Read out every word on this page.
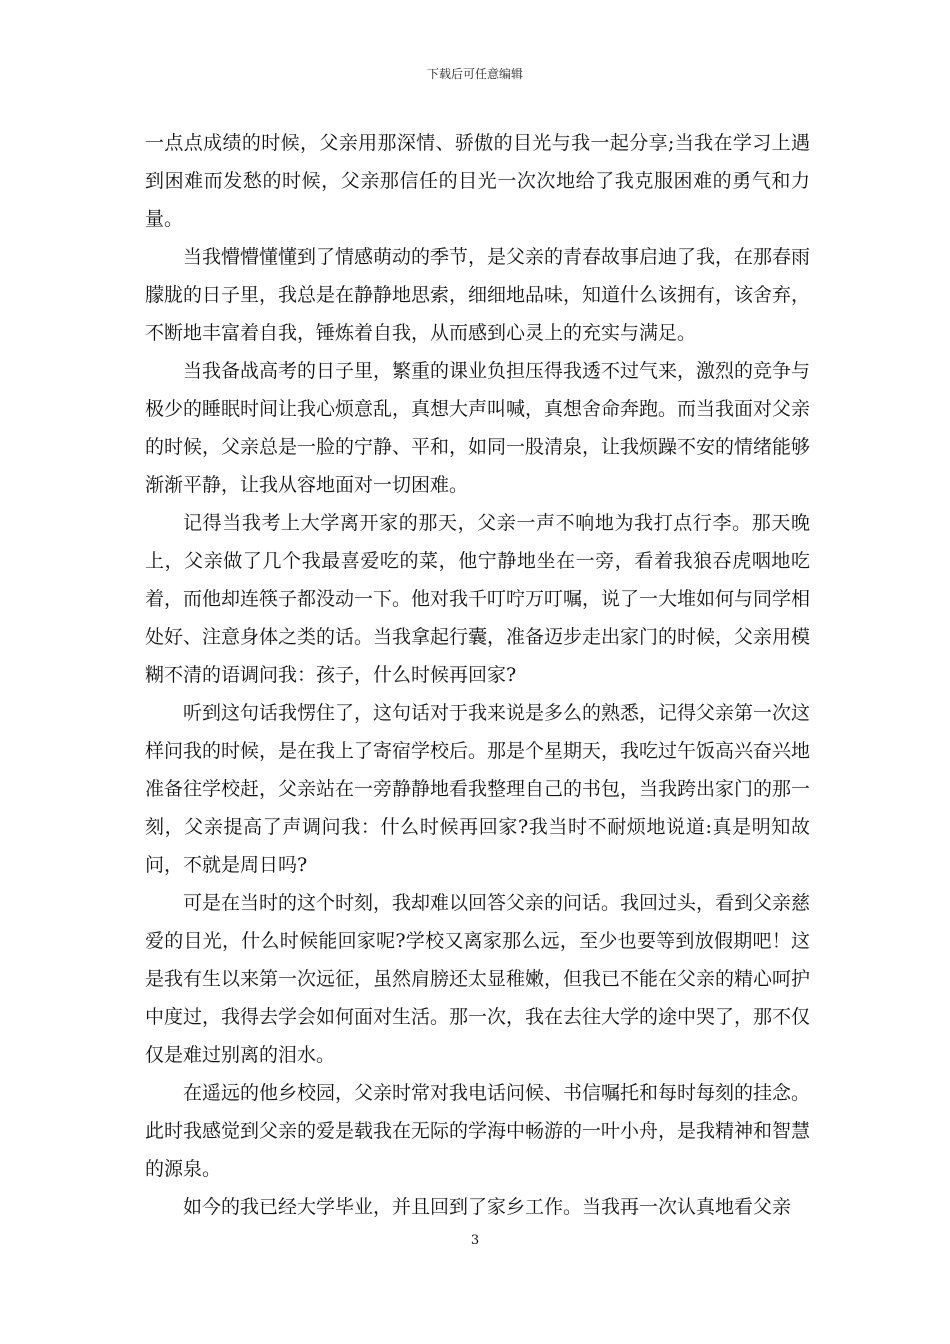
下载后可任意编辑

一点点成绩的时候，父亲用那深情、骄傲的目光与我一起分享;当我在学习上遇到困难而发愁的时候，父亲那信任的目光一次次地给了我克服困难的勇气和力量。

当我懵懵懂懂到了情感萌动的季节，是父亲的青春故事启迪了我，在那春雨朦胧的日子里，我总是在静静地思索，细细地品味，知道什么该拥有，该舍弃，不断地丰富着自我，锤炼着自我，从而感到心灵上的充实与满足。

当我备战高考的日子里，繁重的课业负担压得我透不过气来，激烈的竞争与极少的睡眠时间让我心烦意乱，真想大声叫喊，真想舍命奔跑。而当我面对父亲的时候，父亲总是一脸的宁静、平和，如同一股清泉，让我烦躁不安的情绪能够渐渐平静，让我从容地面对一切困难。

记得当我考上大学离开家的那天，父亲一声不响地为我打点行李。那天晚上，父亲做了几个我最喜爱吃的菜，他宁静地坐在一旁，看着我狼吞虎咽地吃着，而他却连筷子都没动一下。他对我千叮咛万叮嘱，说了一大堆如何与同学相处好、注意身体之类的话。当我拿起行囊，准备迈步走出家门的时候，父亲用模糊不清的语调问我：孩子，什么时候再回家?

听到这句话我愣住了，这句话对于我来说是多么的熟悉，记得父亲第一次这样问我的时候，是在我上了寄宿学校后。那是个星期天，我吃过午饭高兴奋兴地准备往学校赶，父亲站在一旁静静地看我整理自己的书包，当我跨出家门的那一刻，父亲提高了声调问我：什么时候再回家?我当时不耐烦地说道:真是明知故问，不就是周日吗?

可是在当时的这个时刻，我却难以回答父亲的问话。我回过头，看到父亲慈爱的目光，什么时候能回家呢?学校又离家那么远，至少也要等到放假期吧！这是我有生以来第一次远征，虽然肩膀还太显稚嫩，但我已不能在父亲的精心呵护中度过，我得去学会如何面对生活。那一次，我在去往大学的途中哭了，那不仅仅是难过别离的泪水。

在遥远的他乡校园，父亲时常对我电话问候、书信嘱托和每时每刻的挂念。此时我感觉到父亲的爱是载我在无际的学海中畅游的一叶小舟，是我精神和智慧的源泉。

如今的我已经大学毕业，并且回到了家乡工作。当我再一次认真地看父亲

3
